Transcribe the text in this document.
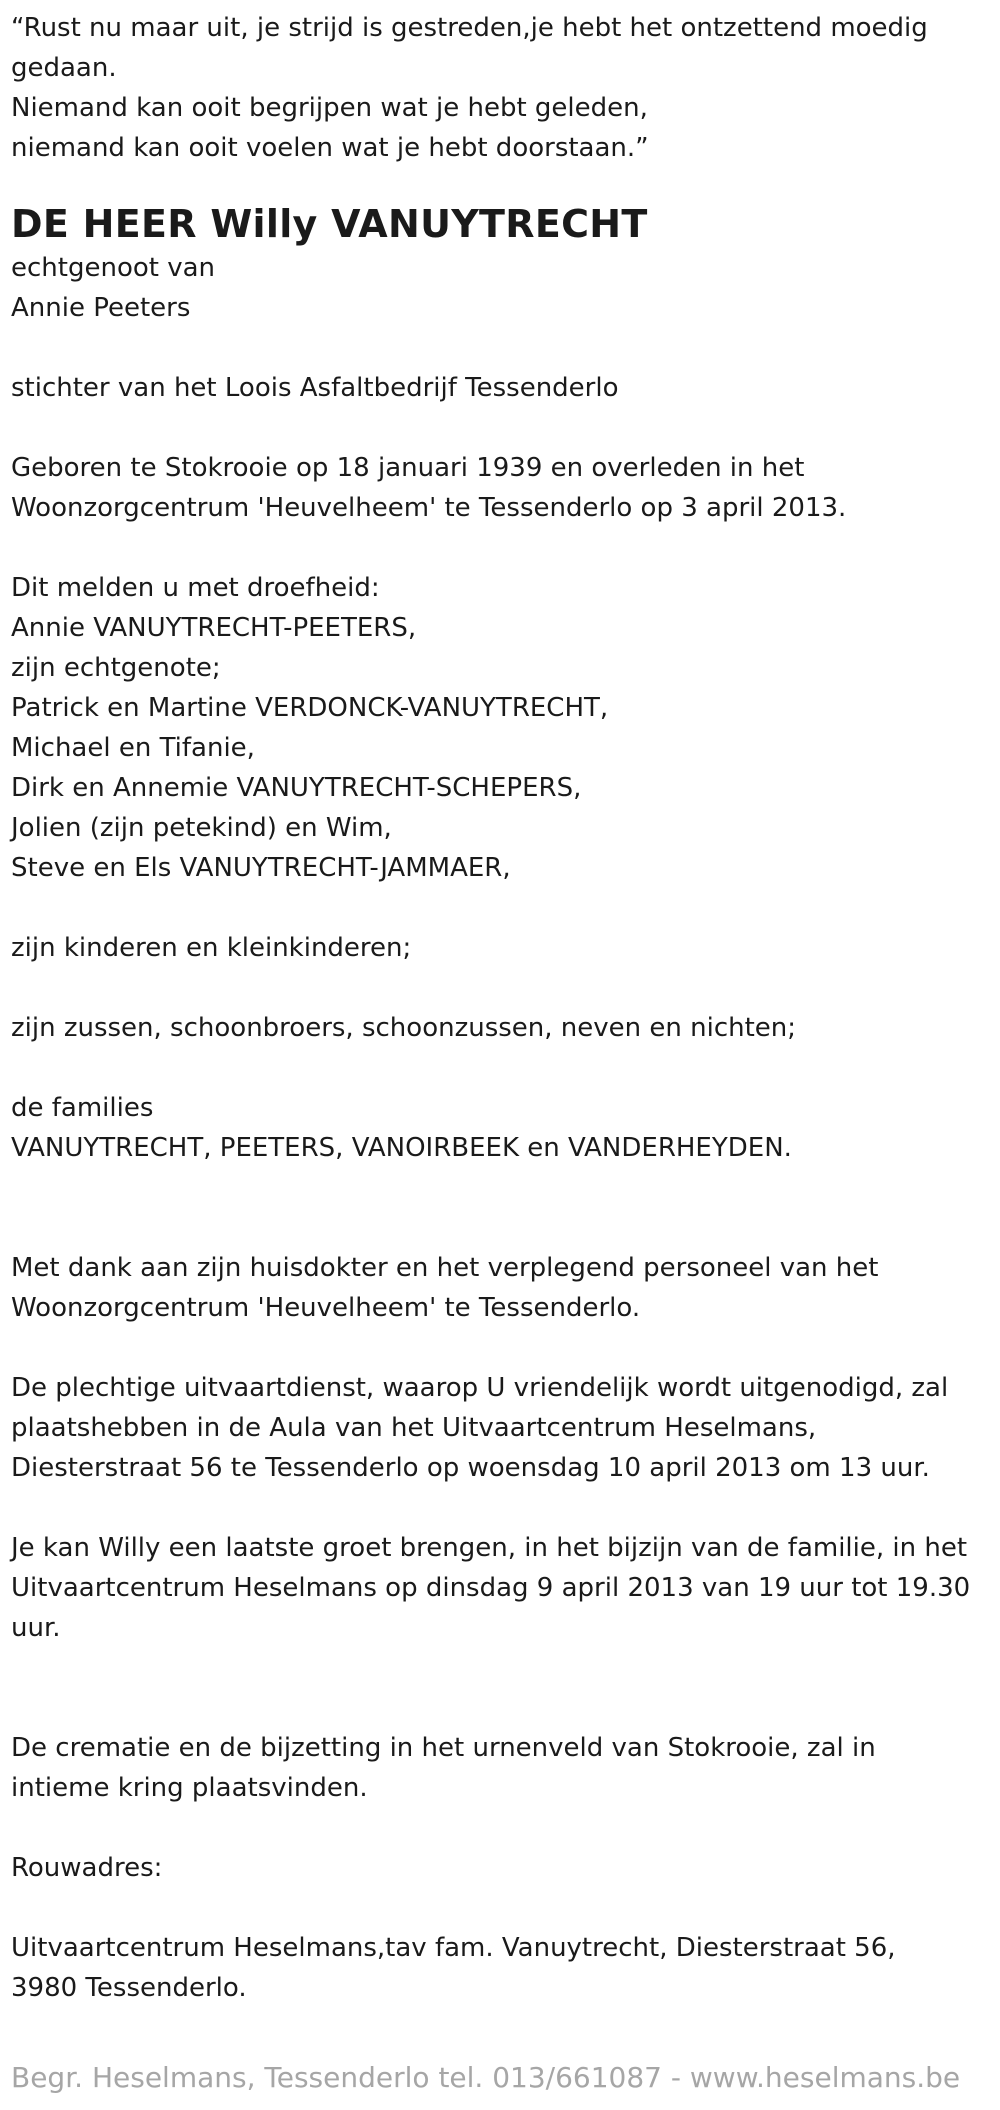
“Rust nu maar uit, je strijd is gestreden,je hebt het ontzettend moedig
gedaan.
Niemand kan ooit begrijpen wat je hebt geleden,
niemand kan ooit voelen wat je hebt doorstaan.”

DE HEER Willy VANUYTRECHT
echtgenoot van
Annie Peeters
stichter van het Loois Asfaltbedrijf Tessenderlo
Geboren te Stokrooie op 18 januari 1939 en overleden in het
Woonzorgcentrum 'Heuvelheem' te Tessenderlo op 3 april 2013.
Dit melden u met droefheid:
Annie VANUYTRECHT-PEETERS,
zijn echtgenote;
Patrick en Martine VERDONCK-VANUYTRECHT,
Michael en Tifanie,
Dirk en Annemie VANUYTRECHT-SCHEPERS,
Jolien (zijn petekind) en Wim,
Steve en Els VANUYTRECHT-JAMMAER,
zijn kinderen en kleinkinderen;
zijn zussen, schoonbroers, schoonzussen, neven en nichten;
de families
VANUYTRECHT, PEETERS, VANOIRBEEK en VANDERHEYDEN.
Met dank aan zijn huisdokter en het verplegend personeel van het
Woonzorgcentrum 'Heuvelheem' te Tessenderlo.
De plechtige uitvaartdienst, waarop U vriendelijk wordt uitgenodigd, zal
plaatshebben in de Aula van het Uitvaartcentrum Heselmans,
Diesterstraat 56 te Tessenderlo op woensdag 10 april 2013 om 13 uur.
Je kan Willy een laatste groet brengen, in het bijzijn van de familie, in het
Uitvaartcentrum Heselmans op dinsdag 9 april 2013 van 19 uur tot 19.30
uur.
De crematie en de bijzetting in het urnenveld van Stokrooie, zal in
intieme kring plaatsvinden.
Rouwadres:
Uitvaartcentrum Heselmans,tav fam. Vanuytrecht, Diesterstraat 56,
3980 Tessenderlo.
Begr. Heselmans, Tessenderlo tel. 013/661087 - www.heselmans.be
